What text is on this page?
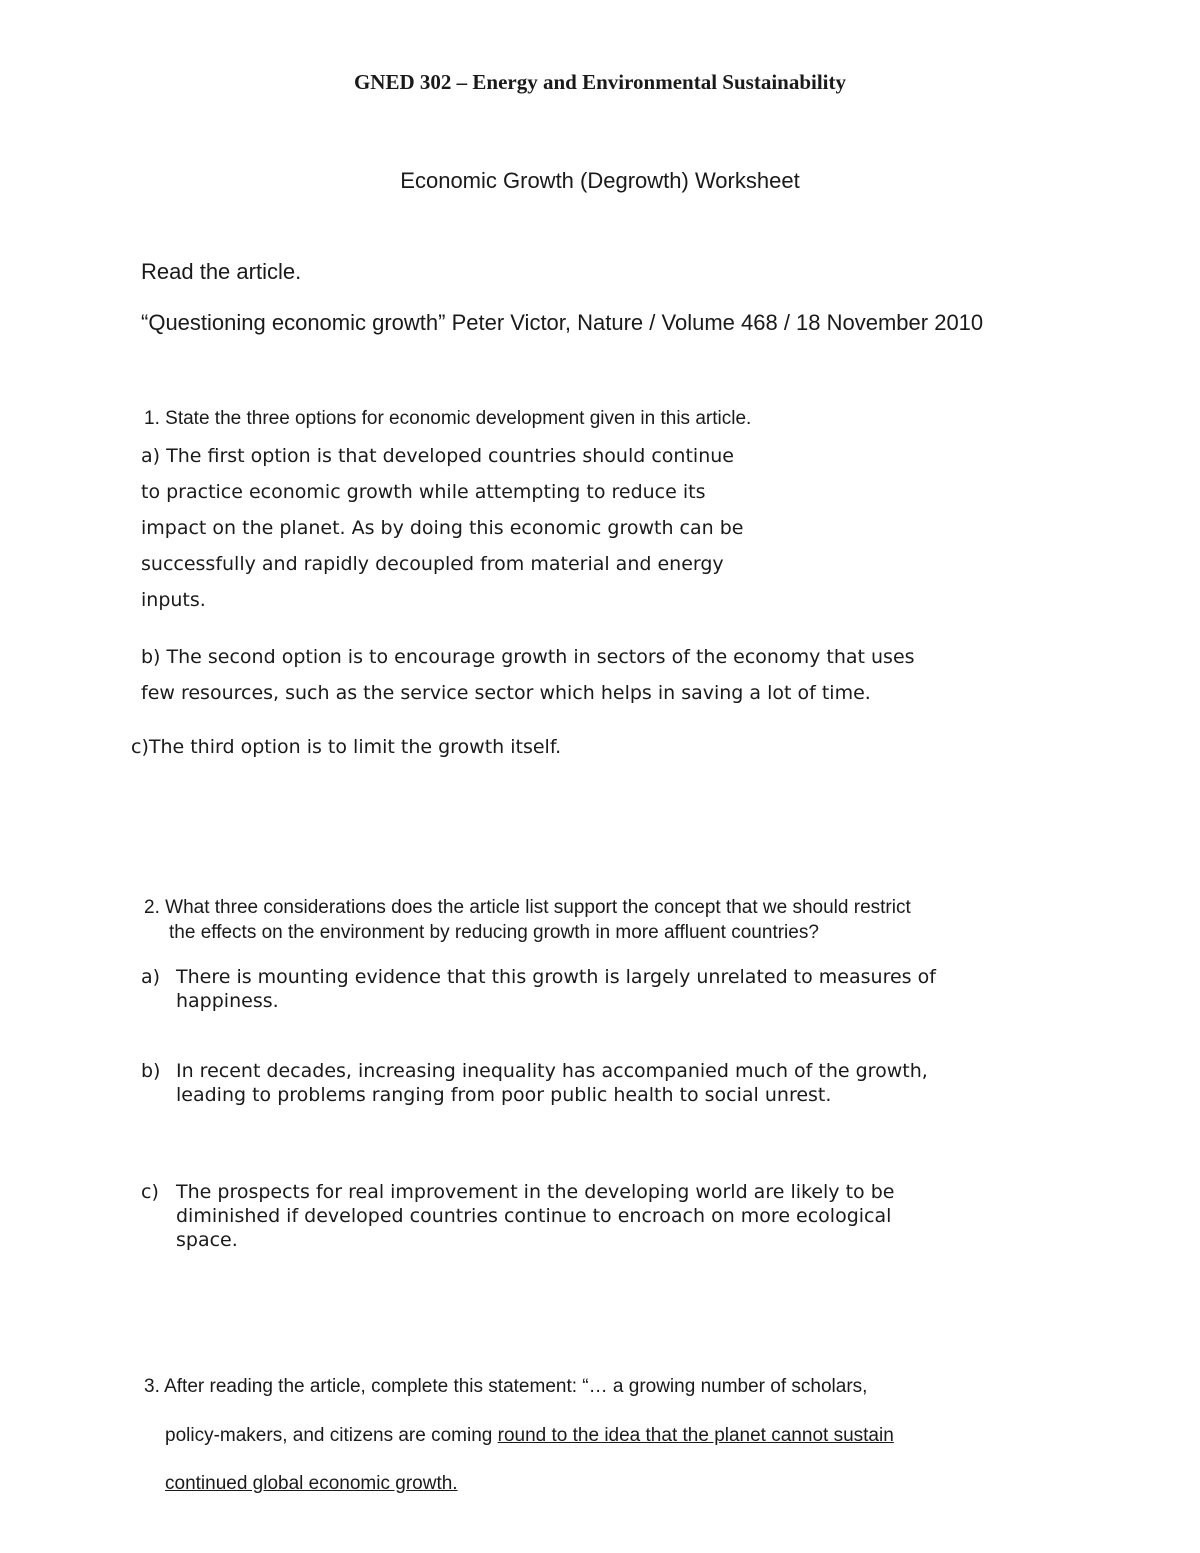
GNED 302 – Energy and Environmental Sustainability
Economic Growth (Degrowth) Worksheet
Read the article.
“Questioning economic growth” Peter Victor, Nature / Volume 468 / 18 November 2010
1. State the three options for economic development given in this article.
a) The first option is that developed countries should continue
to practice economic growth while attempting to reduce its
impact on the planet. As by doing this economic growth can be
successfully and rapidly decoupled from material and energy
inputs.
b) The second option is to encourage growth in sectors of the economy that uses
few resources, such as the service sector which helps in saving a lot of time.
c)The third option is to limit the growth itself.
2. What three considerations does the article list support the concept that we should restrict
the effects on the environment by reducing growth in more affluent countries?
a) There is mounting evidence that this growth is largely unrelated to measures of
happiness.
b) In recent decades, increasing inequality has accompanied much of the growth,
leading to problems ranging from poor public health to social unrest.
c) The prospects for real improvement in the developing world are likely to be
diminished if developed countries continue to encroach on more ecological
space.
3. After reading the article, complete this statement: “… a growing number of scholars,
policy-makers, and citizens are coming round to the idea that the planet cannot sustain
continued global economic growth.
